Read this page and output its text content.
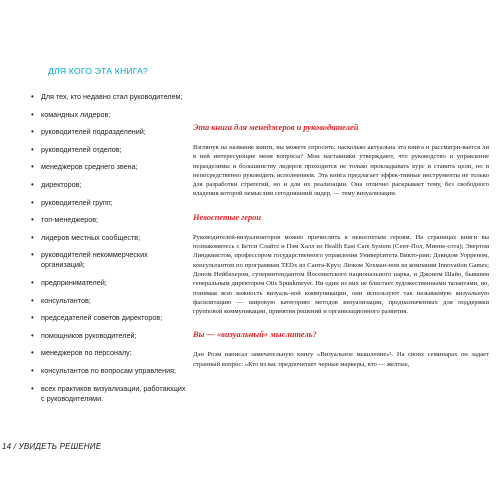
ДЛЯ КОГО ЭТА КНИГА?
• Для тех, кто недавно стал руководителем;
• командных лидеров;
• руководителей подразделений;
• руководителей отделов;
• менеджеров среднего звена;
• директоров;
• руководителей групп;
• топ-менеджеров;
• лидеров местных сообществ;
• руководителей некоммерческих организаций;
• предпринимателей;
• консультантов;
• председателей советов директоров;
• помощников руководителей;
• менеджеров по персоналу;
• консультантов по вопросам управления;
• всех практиков визуализации, работающих с руководителями.
14 / УВИДЕТЬ РЕШЕНИЕ
Эта книга для менеджеров и руководителей

Взглянув на название книги, вы можете спросить: насколько актуальна эта книга и рассматри-вается ли в ней интересующие меня вопросы? Мои наставники утверждают, что руководство и управление неразделимы и большинству лидеров приходится не только прокладывать курс и ставить цели, но и непосредственно руководить исполнением. Эта книга предлагает эффек-тивные инструменты не только для разработки стратегий, но и для их реализации. Она отлично раскрывает тему, без свободного владения которой немыслим сегодняшний лидер, — тему визуализации.

Невоспетые герои

Руководителей-визуализаторов можно причислить к невоспетым героям. На страницах книги вы познакомитесь с Бетси Слайтс и Пэм Халл из Health East Care System (Сент-Пол, Минне-сота); Эвертом Линдквистом, профессором государственного управления Университета Викто-рии; Дэвидом Уорреном, консультантом по программам TEDx из Санта-Круз; Люком Хохман-ном из компании Innovation Games; Доном Нейбахером, суперинтендантом Йосемитского национального парка, и Джоном Шайо, бывшим генеральным директором Otis Spunkmeyer. Ни один из них не блистает художественными талантами, но, понимая всю важность визуаль-ной коммуникации, они используют так называемую визуальную фасилитацию — широкую категорию методов визуализации, предназначенных для поддержки групповой коммуникации, принятия решений и организационного развития.

Вы — «визуальный» мыслитель?

Дэн Роэм написал замечательную книгу «Визуальное мышление»¹. На своих семинарах он задает странный вопрос: «Кто из вас предпочитает черные маркеры, кто — желтые,
